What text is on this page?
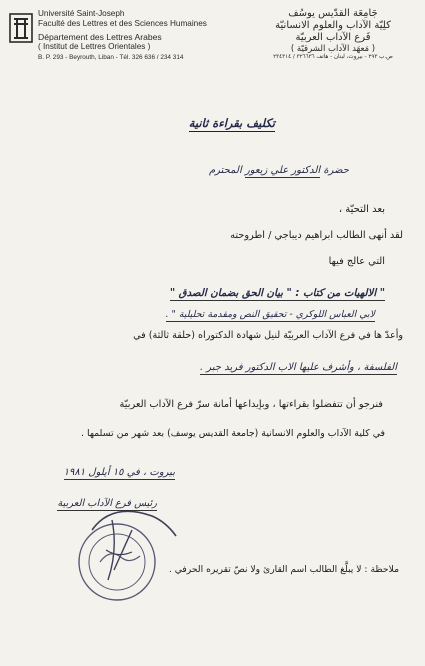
Université Saint-Joseph
Faculté des Lettres et des Sciences Humaines
Département des Lettres Arabes
( Institut de Lettres Orientales )
B. P. 293 - Beyrouth, Liban - Tél. 326 636 / 234 314
جَامِعَة القدّيس يوسُف
كلِيّة الآداب والعلوم الانسانيّة
فَرع الآداب العربيّة
( مَعهَد الآداب الشرقيّة )
ص.ب ٢٩٣ - بيروت، لبنان - هاتف ٣٢٦٦٣٦ / ٢٣٤٣١٤
تكليف بقراءة ثانية
حضرة الدكتور علي زيعور المحترم
بعد التحيّة ،
لقد أنهى الطالب ابراهيم ديباجي / اطروحته
التي عالج فيها
" الالهيات من كتاب : " بيان الحق بضمان الصدق "
لابي العباس اللوكري - تحقيق النص ومقدمة تحليلية " .
وأعدّ ها في فرع الآداب العربيّة لنيل شهادة الدكتوراه (حلقة ثالثة) في
الفلسفة ، وأشرف عليها الاب الدكتور فريد جبر .
فنرجو أن تتفضلوا بقراءتها ، وبإيداعها أمانة سرّ فرع الآداب العربيّة
في كلية الآداب والعلوم الانسانية (جامعة القديس يوسف) بعد شهر من تسلمها .
بيروت ، في ١٥ أيلول ١٩٨١
رئيس فرع الآداب العربية
ملاحظة : لا يبلَّغ الطالب اسم القارئ ولا نصّ تقريره الحرفي .
